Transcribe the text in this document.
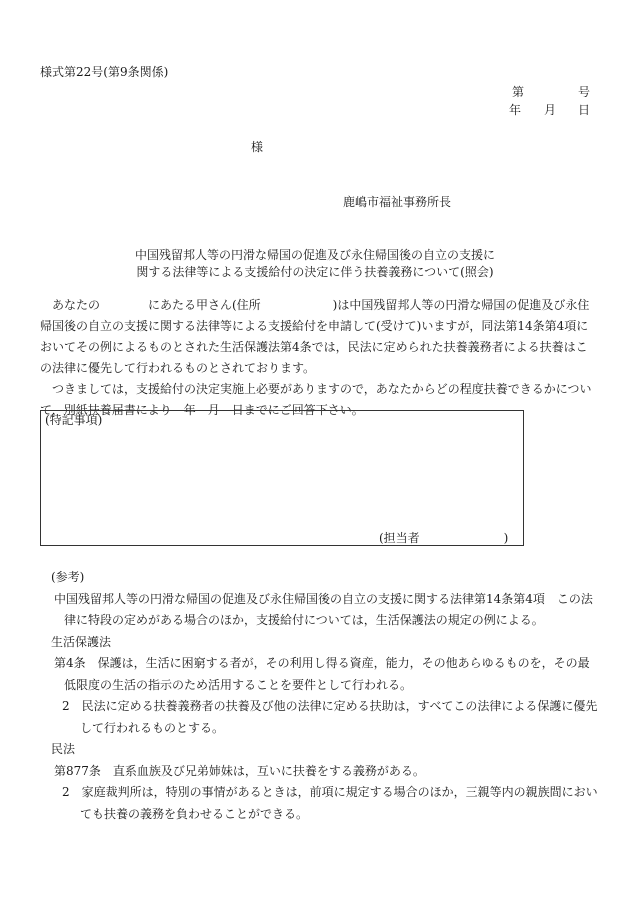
様式第22号(第9条関係)
第	号
年 月 日
様
鹿嶋市福祉事務所長

中国残留邦人等の円滑な帰国の促進及び永住帰国後の自立の支援に

関する法律等による支援給付の決定に伴う扶養義務について(照会)

あなたの　　　　にあたる甲さん(住所　　　　　　)は中国残留邦人等の円滑な帰国の促進及び永住帰国後の自立の支援に関する法律等による支援給付を申請して(受けて)いますが，同法第14条第4項においてその例によるものとされた生活保護法第4条では，民法に定められた扶養義務者による扶養はこの法律に優先して行われるものとされております。

つきましては，支援給付の決定実施上必要がありますので，あなたからどの程度扶養できるかについて，別紙扶養届書により　年　月　日までにご回答下さい。

(特記事項)
(担当者　　　　　　　)

(参考)

中国残留邦人等の円滑な帰国の促進及び永住帰国後の自立の支援に関する法律第14条第4項　この法律に特段の定めがある場合のほか，支援給付については，生活保護法の規定の例による。

生活保護法

第4条　保護は，生活に困窮する者が，その利用し得る資産，能力，その他あらゆるものを，その最低限度の生活の指示のため活用することを要件として行われる。

2　民法に定める扶養義務者の扶養及び他の法律に定める扶助は，すべてこの法律による保護に優先して行われるものとする。

民法

第877条　直系血族及び兄弟姉妹は，互いに扶養をする義務がある。

2　家庭裁判所は，特別の事情があるときは，前項に規定する場合のほか，三親等内の親族間においても扶養の義務を負わせることができる。
